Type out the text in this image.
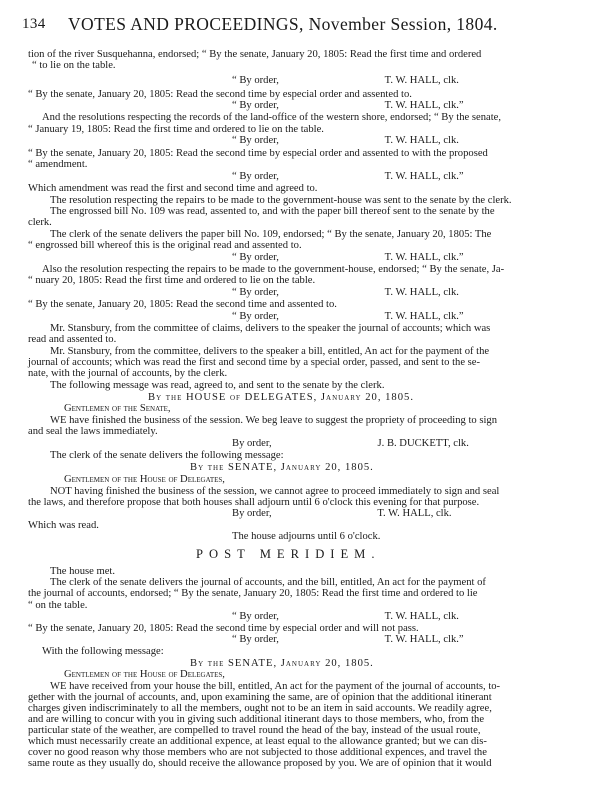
134 VOTES AND PROCEEDINGS, November Session, 1804.
tion of the river Susquehanna, endorsed; “ By the senate, January 20, 1805: Read the first time and ordered
“ to lie on the table.
“ By order,                                        T. W. HALL, clk.
“ By the senate, January 20, 1805: Read the second time by especial order and assented to.
“ By order,                                        T. W. HALL, clk.”
And the resolutions respecting the records of the land-office of the western shore, endorsed; “ By the senate,
“ January 19, 1805: Read the first time and ordered to lie on the table.
“ By order,                                        T. W. HALL, clk.
“ By the senate, January 20, 1805: Read the second time by especial order and assented to with the proposed
“ amendment.
“ By order,                                        T. W. HALL, clk.”
Which amendment was read the first and second time and agreed to.
The resolution respecting the repairs to be made to the government-house was sent to the senate by the clerk.
The engrossed bill No. 109 was read, assented to, and with the paper bill thereof sent to the senate by the
clerk.
The clerk of the senate delivers the paper bill No. 109, endorsed; “ By the senate, January 20, 1805: The
“ engrossed bill whereof this is the original read and assented to.
“ By order,                                        T. W. HALL, clk.”
Also the resolution respecting the repairs to be made to the government-house, endorsed; “ By the senate, Ja-
“ nuary 20, 1805: Read the first time and ordered to lie on the table.
“ By order,                                        T. W. HALL, clk.
“ By the senate, January 20, 1805: Read the second time and assented to.
“ By order,                                        T. W. HALL, clk.”
Mr. Stansbury, from the committee of claims, delivers to the speaker the journal of accounts; which was
read and assented to.
Mr. Stansbury, from the committee, delivers to the speaker a bill, entitled, An act for the payment of the
journal of accounts; which was read the first and second time by a special order, passed, and sent to the se-
nate, with the journal of accounts, by the clerk.
The following message was read, agreed to, and sent to the senate by the clerk.
By the HOUSE of DELEGATES, January 20, 1805.
Gentlemen of the Senate,
WE have finished the business of the session. We beg leave to suggest the propriety of proceeding to sign
and seal the laws immediately.
By order,                                        J. B. DUCKETT, clk.
The clerk of the senate delivers the following message:
By the SENATE, January 20, 1805.
Gentlemen of the House of Delegates,
NOT having finished the business of the session, we cannot agree to proceed immediately to sign and seal
the laws, and therefore propose that both houses shall adjourn until 6 o'clock this evening for that purpose.
By order,                                        T. W. HALL, clk.
Which was read.
The house adjourns until 6 o'clock.
POST MERIDIEM.
The house met.
The clerk of the senate delivers the journal of accounts, and the bill, entitled, An act for the payment of
the journal of accounts, endorsed; “ By the senate, January 20, 1805: Read the first time and ordered to lie
“ on the table.
“ By order,                                        T. W. HALL, clk.
“ By the senate, January 20, 1805: Read the second time by especial order and will not pass.
“ By order,                                        T. W. HALL, clk.”
With the following message:
By the SENATE, January 20, 1805.
Gentlemen of the House of Delegates,
WE have received from your house the bill, entitled, An act for the payment of the journal of accounts, to-
gether with the journal of accounts, and, upon examining the same, are of opinion that the additional itinerant
charges given indiscriminately to all the members, ought not to be an item in said accounts. We readily agree,
and are willing to concur with you in giving such additional itinerant days to those members, who, from the
particular state of the weather, are compelled to travel round the head of the bay, instead of the usual route,
which must necessarily create an additional expence, at least equal to the allowance granted; but we can dis-
cover no good reason why those members who are not subjected to those additional expences, and travel the
same route as they usually do, should receive the allowance proposed by you. We are of opinion that it would
